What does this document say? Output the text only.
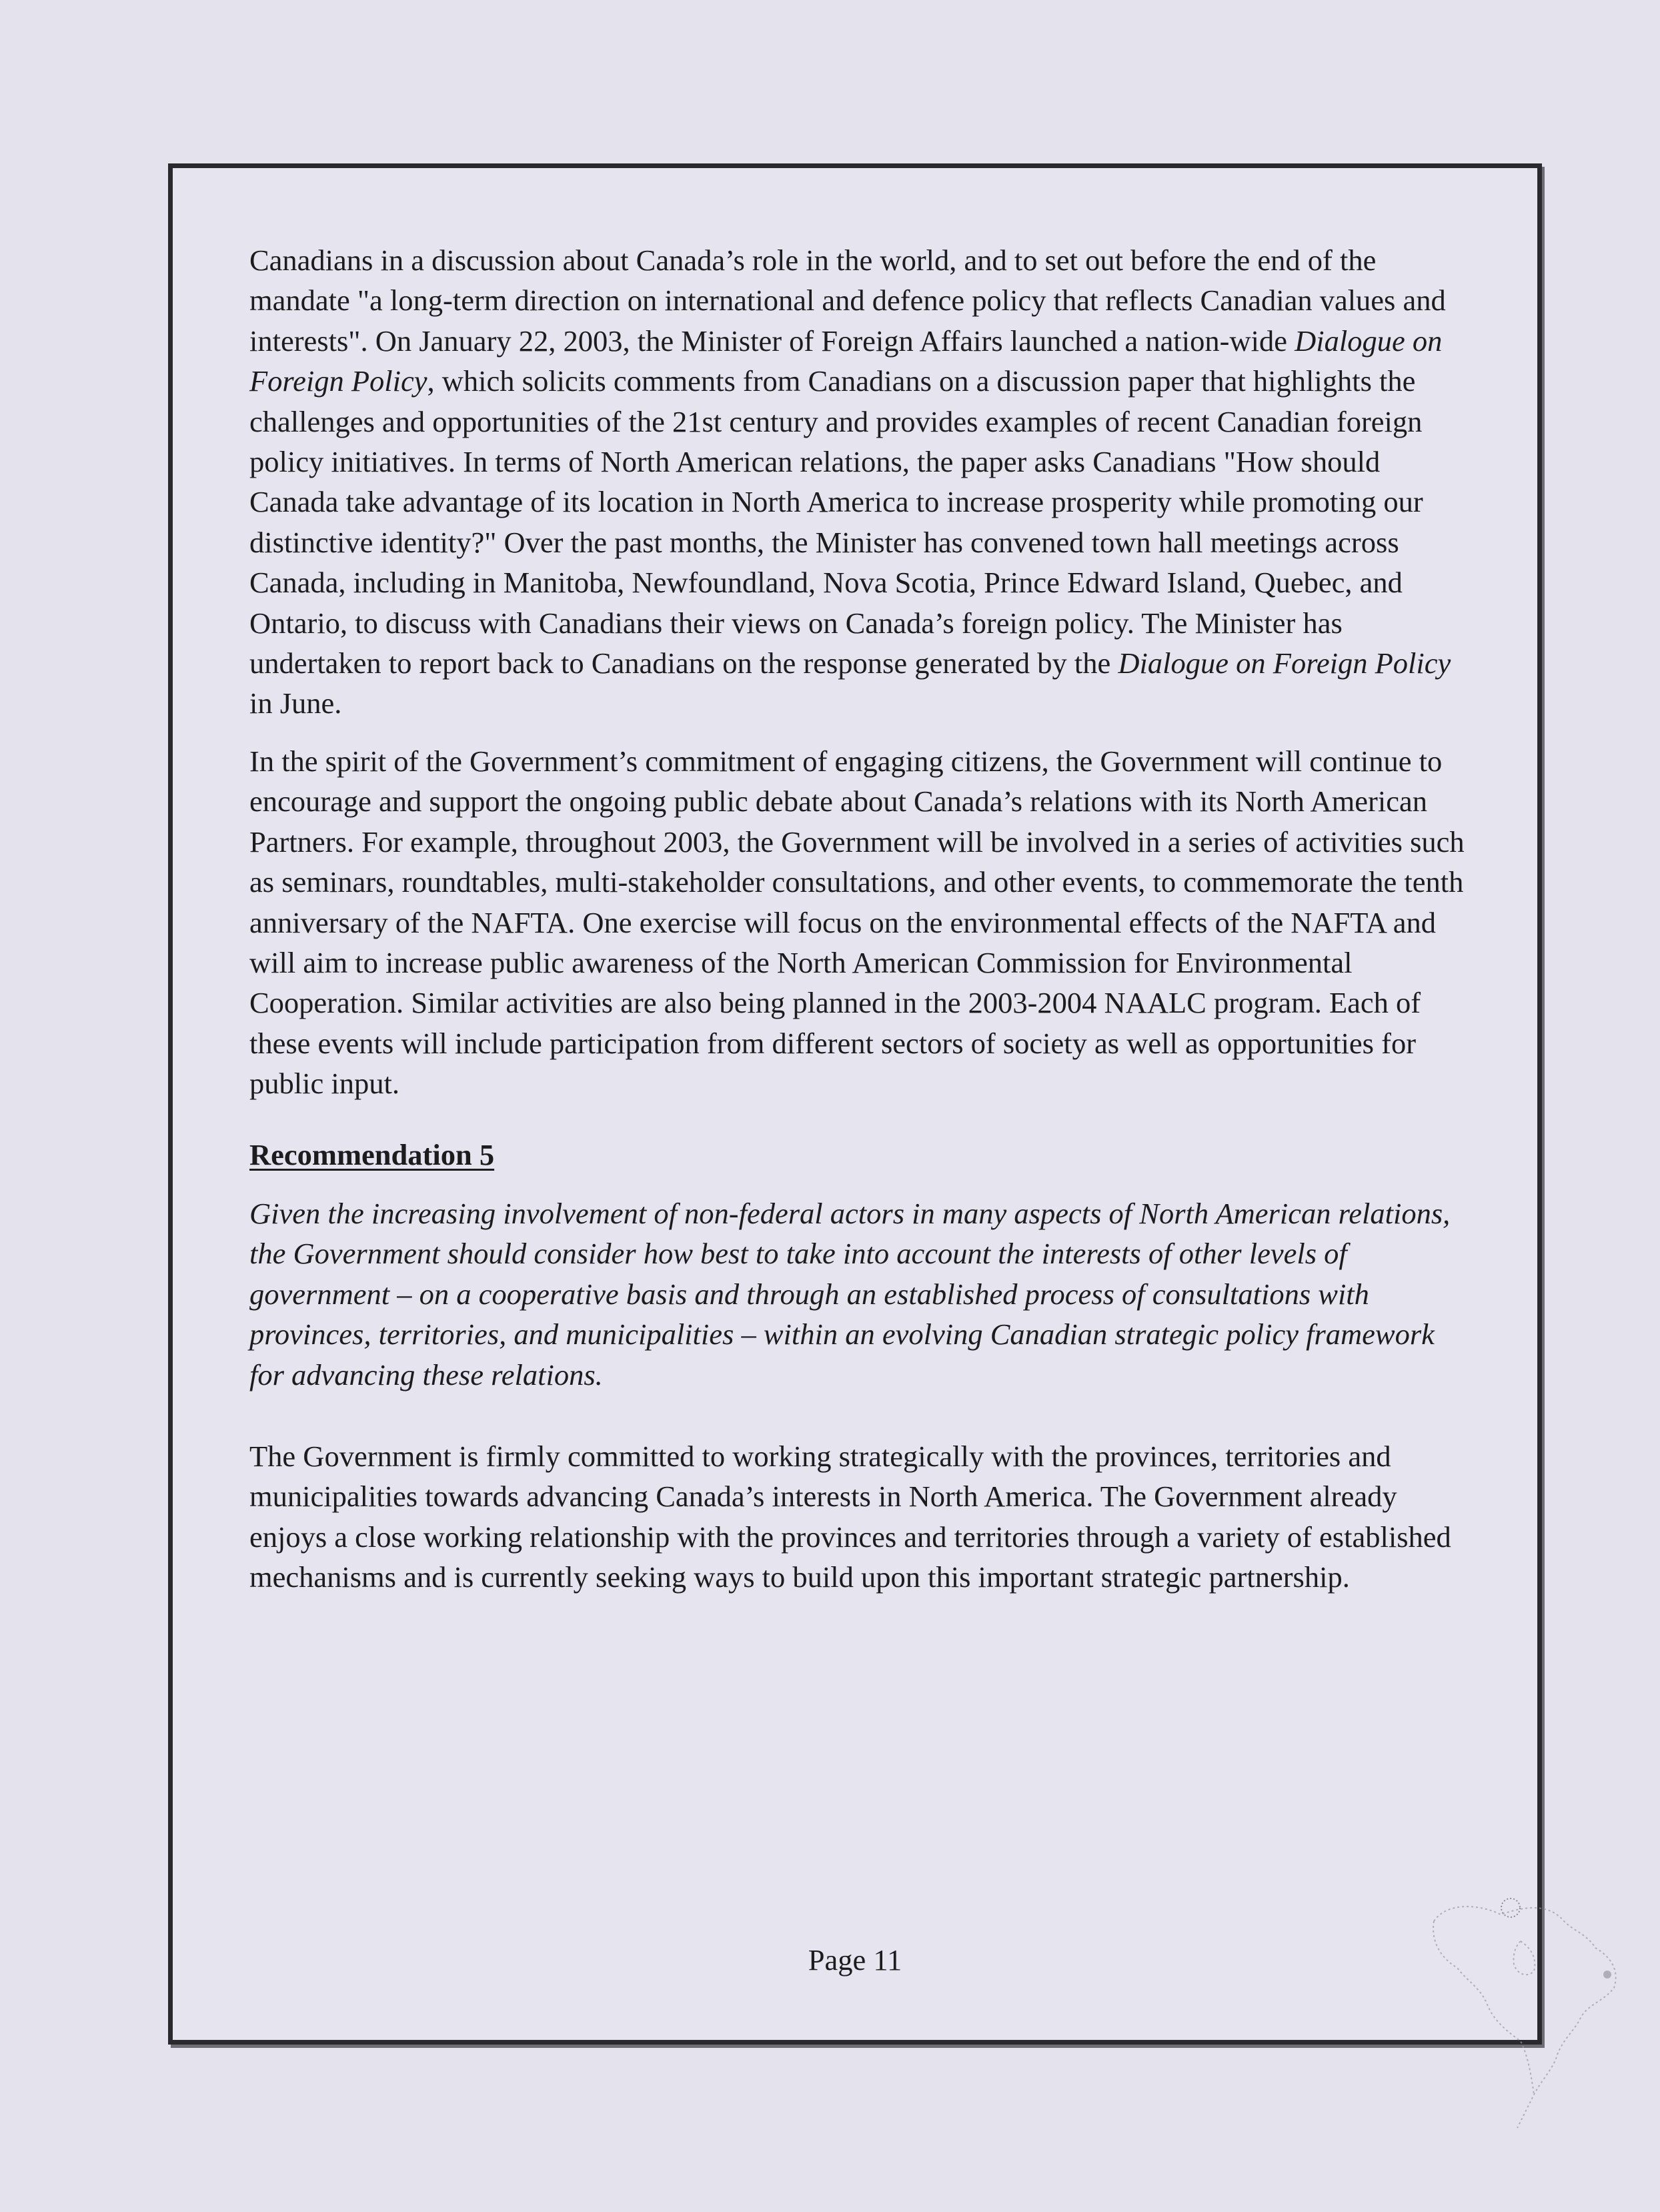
Canadians in a discussion about Canada’s role in the world, and to set out before the end of the mandate "a long-term direction on international and defence policy that reflects Canadian values and interests". On January 22, 2003, the Minister of Foreign Affairs launched a nation-wide Dialogue on Foreign Policy, which solicits comments from Canadians on a discussion paper that highlights the challenges and opportunities of the 21st century and provides examples of recent Canadian foreign policy initiatives. In terms of North American relations, the paper asks Canadians "How should Canada take advantage of its location in North America to increase prosperity while promoting our distinctive identity?" Over the past months, the Minister has convened town hall meetings across Canada, including in Manitoba, Newfoundland, Nova Scotia, Prince Edward Island, Quebec, and Ontario, to discuss with Canadians their views on Canada’s foreign policy. The Minister has undertaken to report back to Canadians on the response generated by the Dialogue on Foreign Policy in June.

In the spirit of the Government’s commitment of engaging citizens, the Government will continue to encourage and support the ongoing public debate about Canada’s relations with its North American Partners. For example, throughout 2003, the Government will be involved in a series of activities such as seminars, roundtables, multi-stakeholder consultations, and other events, to commemorate the tenth anniversary of the NAFTA. One exercise will focus on the environmental effects of the NAFTA and will aim to increase public awareness of the North American Commission for Environmental Cooperation. Similar activities are also being planned in the 2003-2004 NAALC program. Each of these events will include participation from different sectors of society as well as opportunities for public input.

Recommendation 5

Given the increasing involvement of non-federal actors in many aspects of North American relations, the Government should consider how best to take into account the interests of other levels of government – on a cooperative basis and through an established process of consultations with provinces, territories, and municipalities – within an evolving Canadian strategic policy framework for advancing these relations.

The Government is firmly committed to working strategically with the provinces, territories and municipalities towards advancing Canada’s interests in North America. The Government already enjoys a close working relationship with the provinces and territories through a variety of established mechanisms and is currently seeking ways to build upon this important strategic partnership.

Page 11
